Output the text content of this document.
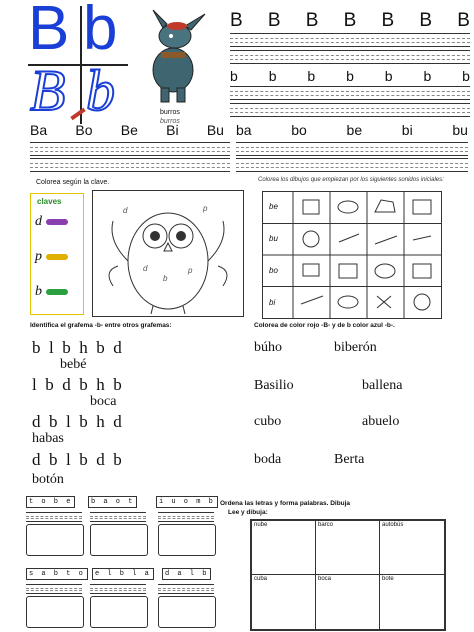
B b
B b	burros
burros
B B B B B B B
b b b b b b b
Ba Bo Be Bi Bu ba	bo	be	bi	bu
Colorea según la clave.
claves
d
p
b
d	p
b
d	p
Colorea los dibujos que empiezan por los siguientes sonidos iniciales:
be
bu
bo
bi
Identifica el grafema -b- entre otros grafemas:	Colorea de color rojo -B- y de b color azul -b-.
b  l  b  h  b  d
bebé
l  b  d  b  h  b
boca
d  b  l  b  h  d
habas
d  b  l  b  d  b
botón
búho	biberón
Basilio	ballena
cubo	abuelo
boda	Berta
t o b e	b a o t	i u o m b
s a b t o	e l b l a	d a l b
Ordena las letras y forma palabras. Dibuja
Lee y dibuja:
nube	barco	autobús
cuba	boca	bote
